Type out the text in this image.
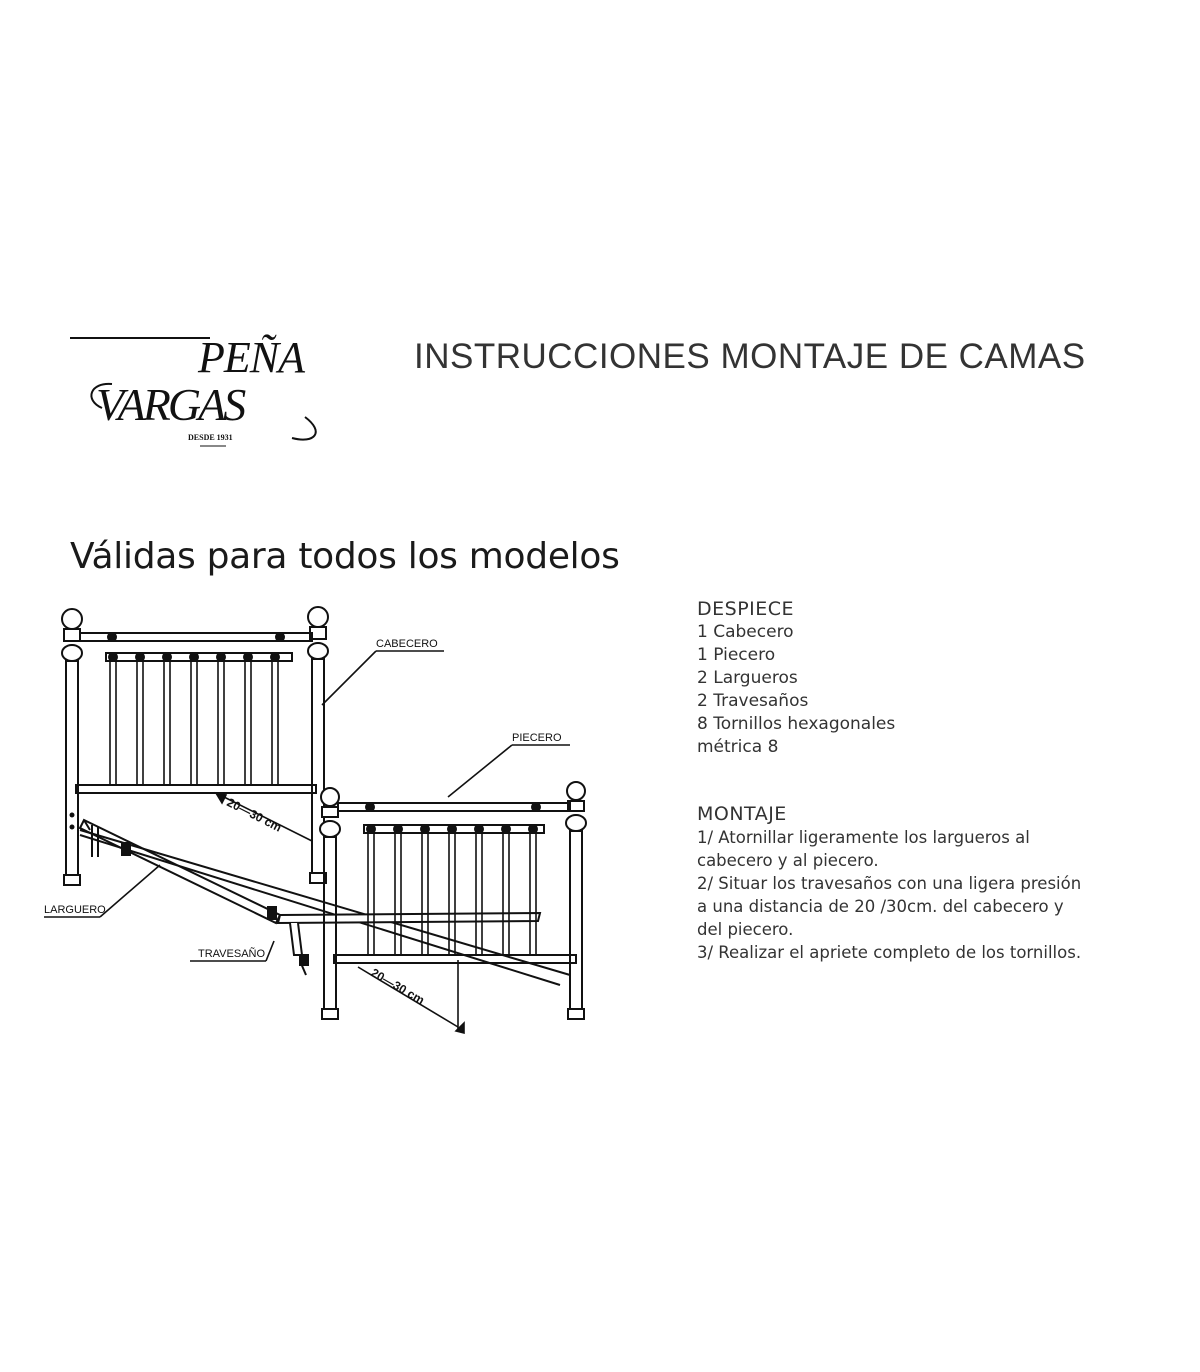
PEÑA
VARGAS
DESDE 1931
INSTRUCCIONES MONTAJE DE CAMAS
Válidas para todos los modelos
CABECERO
PIECERO
LARGUERO
TRAVESAÑO
20—30 cm
20—30 cm
DESPIECE
1 Cabecero
1 Piecero
2 Largueros
2 Travesaños
8 Tornillos hexagonales
métrica 8
MONTAJE
1/ Atornillar ligeramente los largueros al
cabecero y al piecero.
2/ Situar los travesaños con una ligera presión
a una distancia de 20 /30cm. del cabecero y
del piecero.
3/ Realizar el apriete completo de los tornillos.
